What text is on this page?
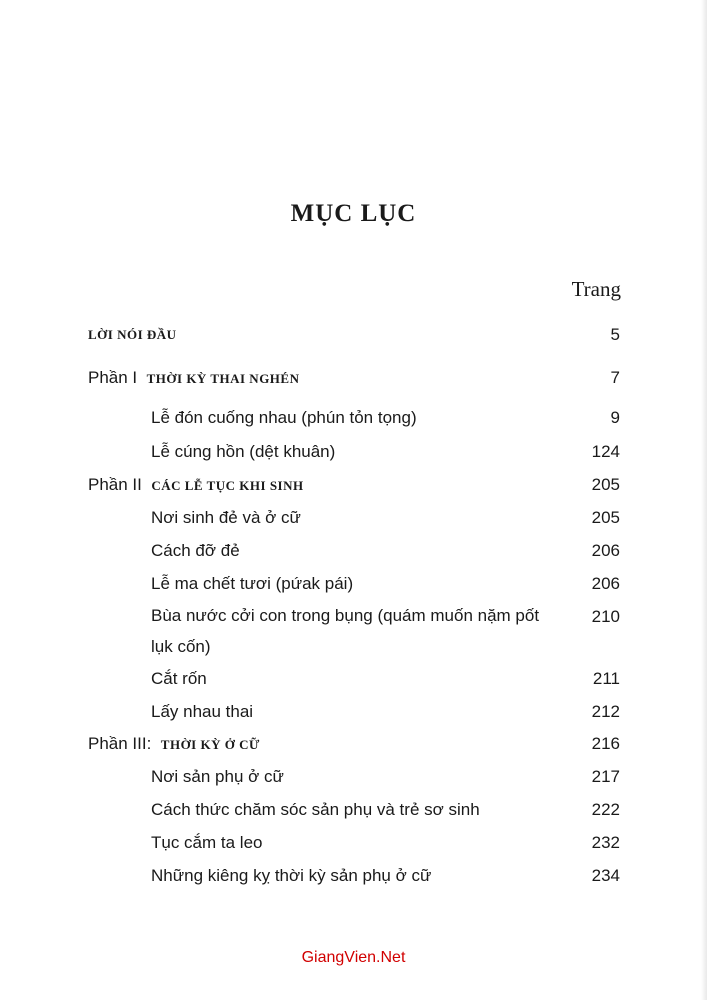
MỤC LỤC
Trang
LỜI NÓI ĐẦU	5
Phần I THỜI KỲ THAI NGHÉN	7
Lễ đón cuống nhau (phún tỏn tọng)	9
Lễ cúng hồn (dệt khuân)	124
Phần II CÁC LỄ TỤC KHI SINH	205
Nơi sinh đẻ và ở cữ	205
Cách đỡ đẻ	206
Lễ ma chết tươi (pứak pái)	206
Bùa nước cởi con trong bụng (quám muốn nặm pốt lụk cốn)
210
Cắt rốn	211
Lấy nhau thai	212
Phần III: THỜI KỲ Ở CỮ	216
Nơi sản phụ ở cữ	217
Cách thức chăm sóc sản phụ và trẻ sơ sinh	222
Tục cắm ta leo	232
Những kiêng kỵ thời kỳ sản phụ ở cữ	234
GiangVien.Net
